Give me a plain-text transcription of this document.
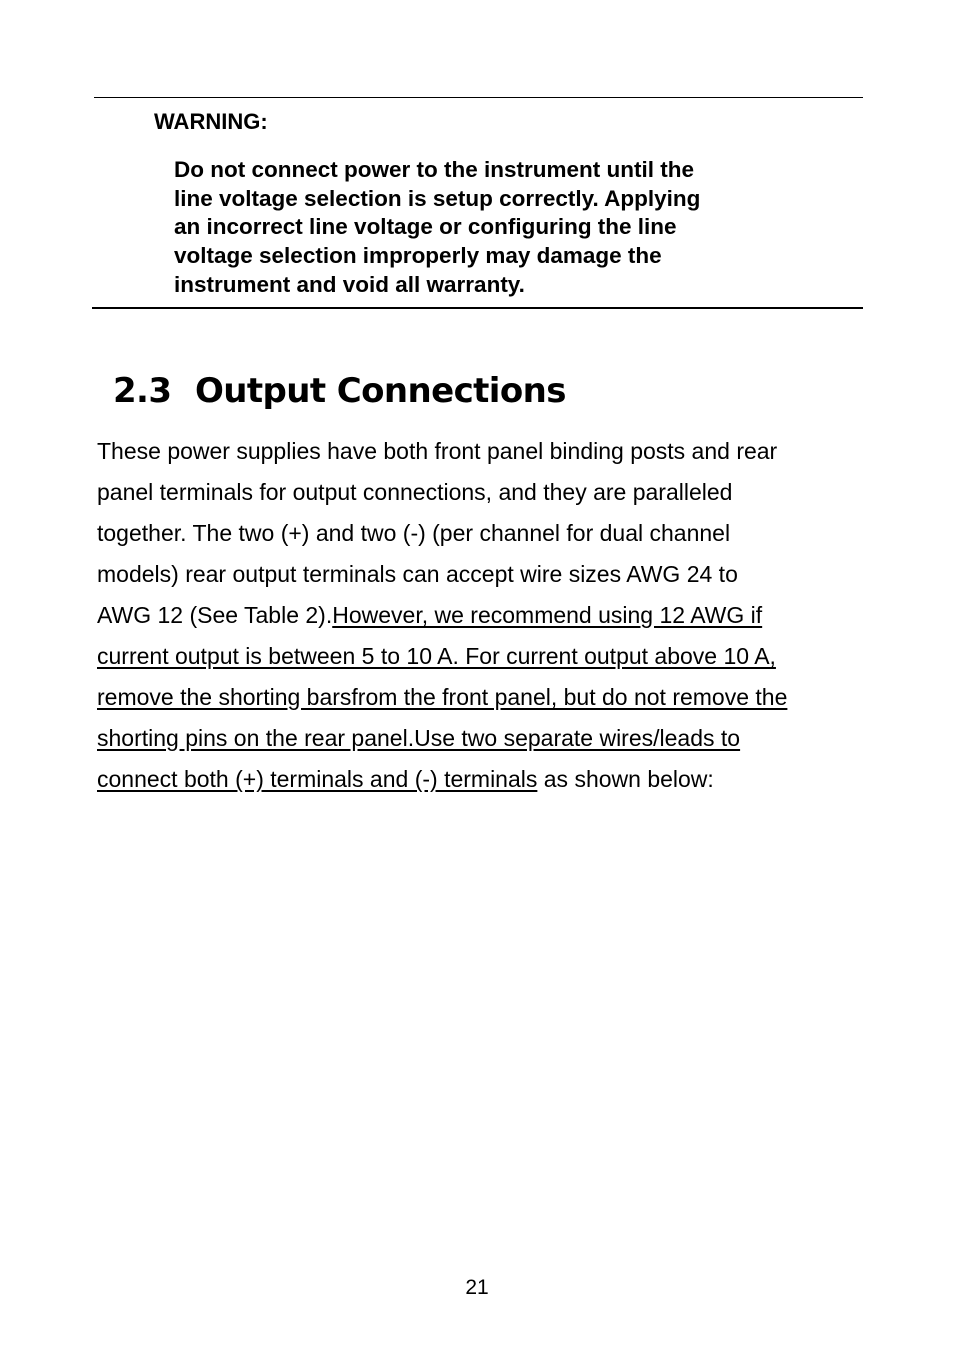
WARNING:

Do not connect power to the instrument until the
line voltage selection is setup correctly. Applying
an incorrect line voltage or configuring the line
voltage selection improperly may damage the
instrument and void all warranty.
2.3 Output Connections
These power supplies have both front panel binding posts and rear
panel terminals for output connections, and they are paralleled
together. The two (+) and two (-) (per channel for dual channel
models) rear output terminals can accept wire sizes AWG 24 to
AWG 12 (See Table 2).However, we recommend using 12 AWG if
current output is between 5 to 10 A. For current output above 10 A,
remove the shorting barsfrom the front panel, but do not remove the
shorting pins on the rear panel.Use two separate wires/leads to
connect both (+) terminals and (-) terminals as shown below:
21
